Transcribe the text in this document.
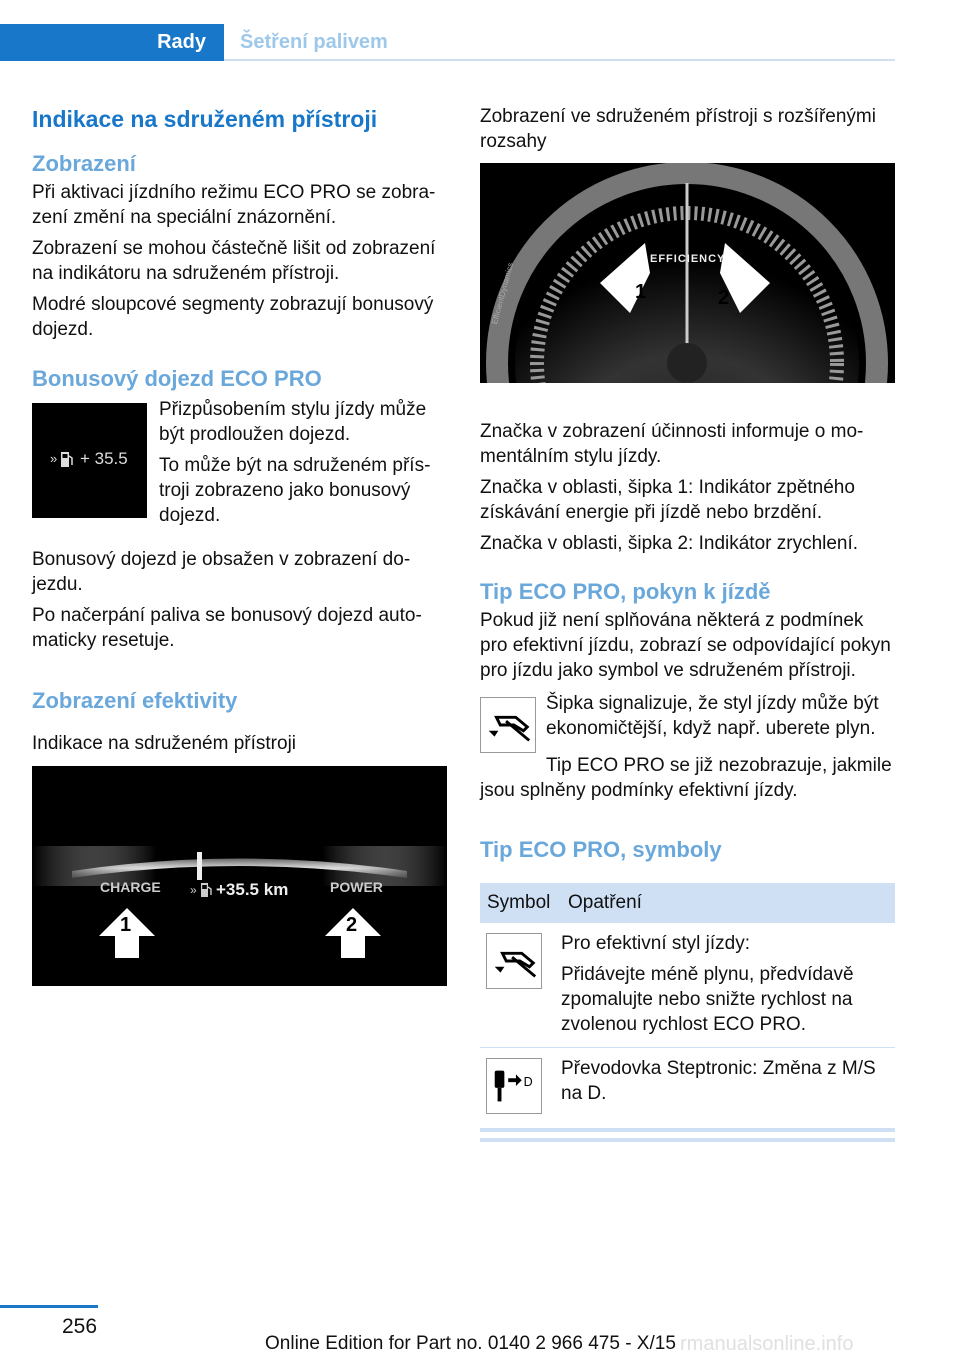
Rady	Šetření palivem
Indikace na sdruženém přístroji
Zobrazení

Při aktivaci jízdního režimu ECO PRO se zobrazení změní na speciální znázornění.

Zobrazení se mohou částečně lišit od zobrazení na indikátoru na sdruženém přístroji.

Modré sloupcové segmenty zobrazují bonusový dojezd.

Bonusový dojezd ECO PRO
» + 35.5

Přizpůsobením stylu jízdy může být prodloužen dojezd.

To může být na sdruženém přístroji zobrazeno jako bonusový dojezd.

Bonusový dojezd je obsažen v zobrazení dojezdu.

Po načerpání paliva se bonusový dojezd automaticky resetuje.

Zobrazení efektivity

Indikace na sdruženém přístroji

CHARGE	POWER
+35.5 km
»
1	2

Zobrazení ve sdruženém přístroji s rozšířenými rozsahy

EFFICIENCY
EfficientDynamics	1	2

Značka v zobrazení účinnosti informuje o momentálním stylu jízdy.

Značka v oblasti, šipka 1: Indikátor zpětného získávání energie při jízdě nebo brzdění.

Značka v oblasti, šipka 2: Indikátor zrychlení.

Tip ECO PRO, pokyn k jízdě

Pokud již není splňována některá z podmínek pro efektivní jízdu, zobrazí se odpovídající pokyn pro jízdu jako symbol ve sdruženém přístroji.

Šipka signalizuje, že styl jízdy může být ekonomičtější, když např. uberete plyn.

Tip ECO PRO se již nezobrazuje, jakmile jsou splněny podmínky efektivní jízdy.

Tip ECO PRO, symboly
Symbol	Opatření

Pro efektivní styl jízdy:

Přidávejte méně plynu, předvídavě zpomalujte nebo snižte rychlost na zvolenou rychlost ECO PRO.

D	Převodovka Steptronic: Změna z M/S na D.

256
Online Edition for Part no. 0140 2 966 475 - X/15 rmanualsonline.info
